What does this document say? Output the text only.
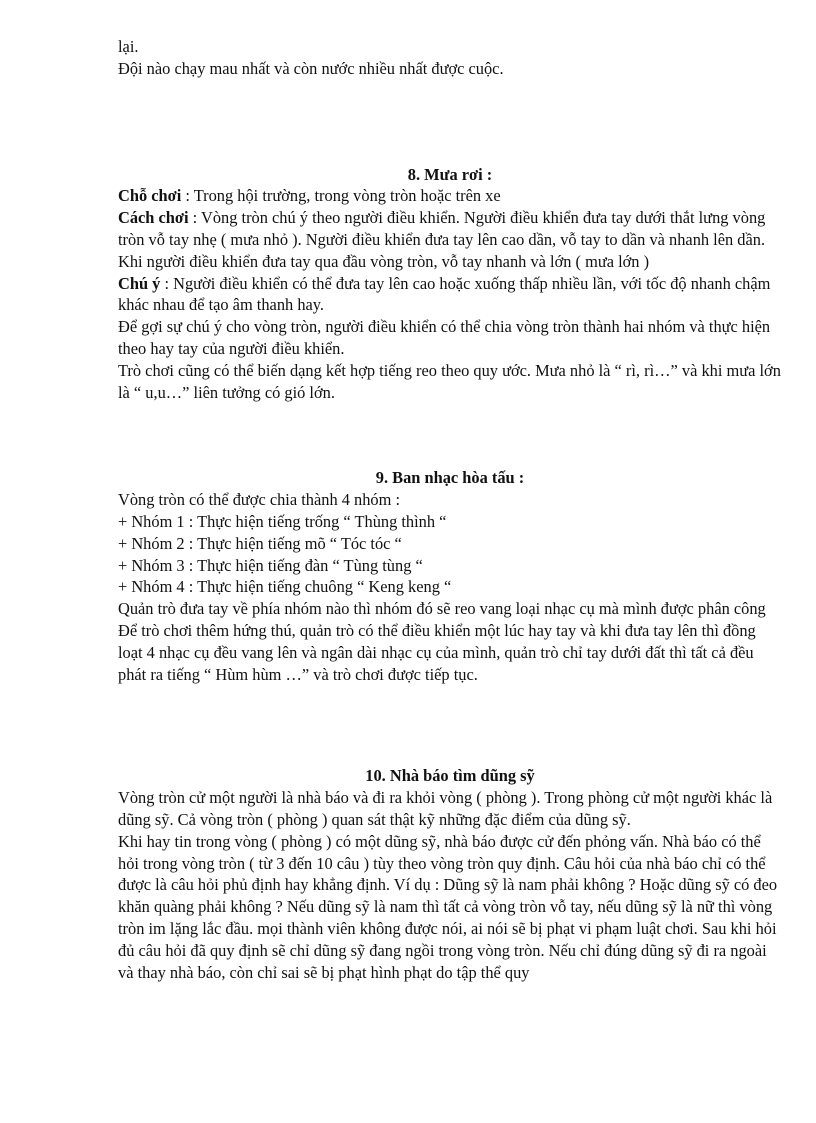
lại.

Đội nào chạy mau nhất và còn nước nhiều nhất được cuộc.

8. Mưa rơi :

Chỗ chơi : Trong hội trường, trong vòng tròn hoặc trên xe

Cách chơi : Vòng tròn chú ý theo người điều khiển. Người điều khiển đưa tay dưới thắt lưng vòng tròn vỗ tay nhẹ ( mưa nhỏ ). Người điều khiển đưa tay lên cao dần, vỗ tay to dần và nhanh lên dần. Khi người điều khiển đưa tay qua đầu vòng tròn, vỗ tay nhanh và lớn ( mưa lớn )

Chú ý : Người điều khiển có thể đưa tay lên cao hoặc xuống thấp nhiều lần, với tốc độ nhanh chậm khác nhau để tạo âm thanh hay.

Để gợi sự chú ý cho vòng tròn, người điều khiển có thể chia vòng tròn thành hai nhóm và thực hiện theo hay tay của người điều khiển.

Trò chơi cũng có thể biến dạng kết hợp tiếng reo theo quy ước. Mưa nhỏ là “ rì, rì…” và khi mưa lớn là “ u,u…” liên tưởng có gió lớn.

9. Ban nhạc hòa tấu :

Vòng tròn có thể được chia thành 4 nhóm :

+ Nhóm 1 : Thực hiện tiếng trống “ Thùng thình “

+ Nhóm 2 : Thực hiện tiếng mõ “ Tóc tóc “

+ Nhóm 3 : Thực hiện tiếng đàn “ Tùng tùng “

+ Nhóm 4 : Thực hiện tiếng chuông “ Keng keng “

Quản trò đưa tay về phía nhóm nào thì nhóm đó sẽ reo vang loại nhạc cụ mà mình được phân công

Để trò chơi thêm hứng thú, quản trò có thể điều khiển một lúc hay tay và khi đưa tay lên thì đồng loạt 4 nhạc cụ đều vang lên và ngân dài nhạc cụ của mình, quản trò chỉ tay dưới đất thì tất cả đều phát ra tiếng “ Hùm hùm …” và trò chơi được tiếp tục.

10. Nhà báo tìm dũng sỹ

Vòng tròn cử một người là nhà báo và đi ra khỏi vòng ( phòng ). Trong phòng cử một người khác là dũng sỹ. Cả vòng tròn ( phòng ) quan sát thật kỹ những đặc điểm của dũng sỹ.

Khi hay tin trong vòng ( phòng ) có một dũng sỹ, nhà báo được cử đến phỏng vấn. Nhà báo có thể hỏi trong vòng tròn ( từ 3 đến 10 câu ) tùy theo vòng tròn quy định. Câu hỏi của nhà báo chỉ có thể được là câu hỏi phủ định hay khẳng định. Ví dụ : Dũng sỹ là nam phải không ? Hoặc dũng sỹ có đeo khăn quàng phải không ? Nếu dũng sỹ là nam thì tất cả vòng tròn vỗ tay, nếu dũng sỹ là nữ thì vòng tròn im lặng lắc đầu. mọi thành viên không được nói, ai nói sẽ bị phạt vi phạm luật chơi. Sau khi hỏi đủ câu hỏi đã quy định sẽ chỉ dũng sỹ đang ngồi trong vòng tròn. Nếu chỉ đúng dũng sỹ đi ra ngoài và thay nhà báo, còn chỉ sai sẽ bị phạt hình phạt do tập thể quy
